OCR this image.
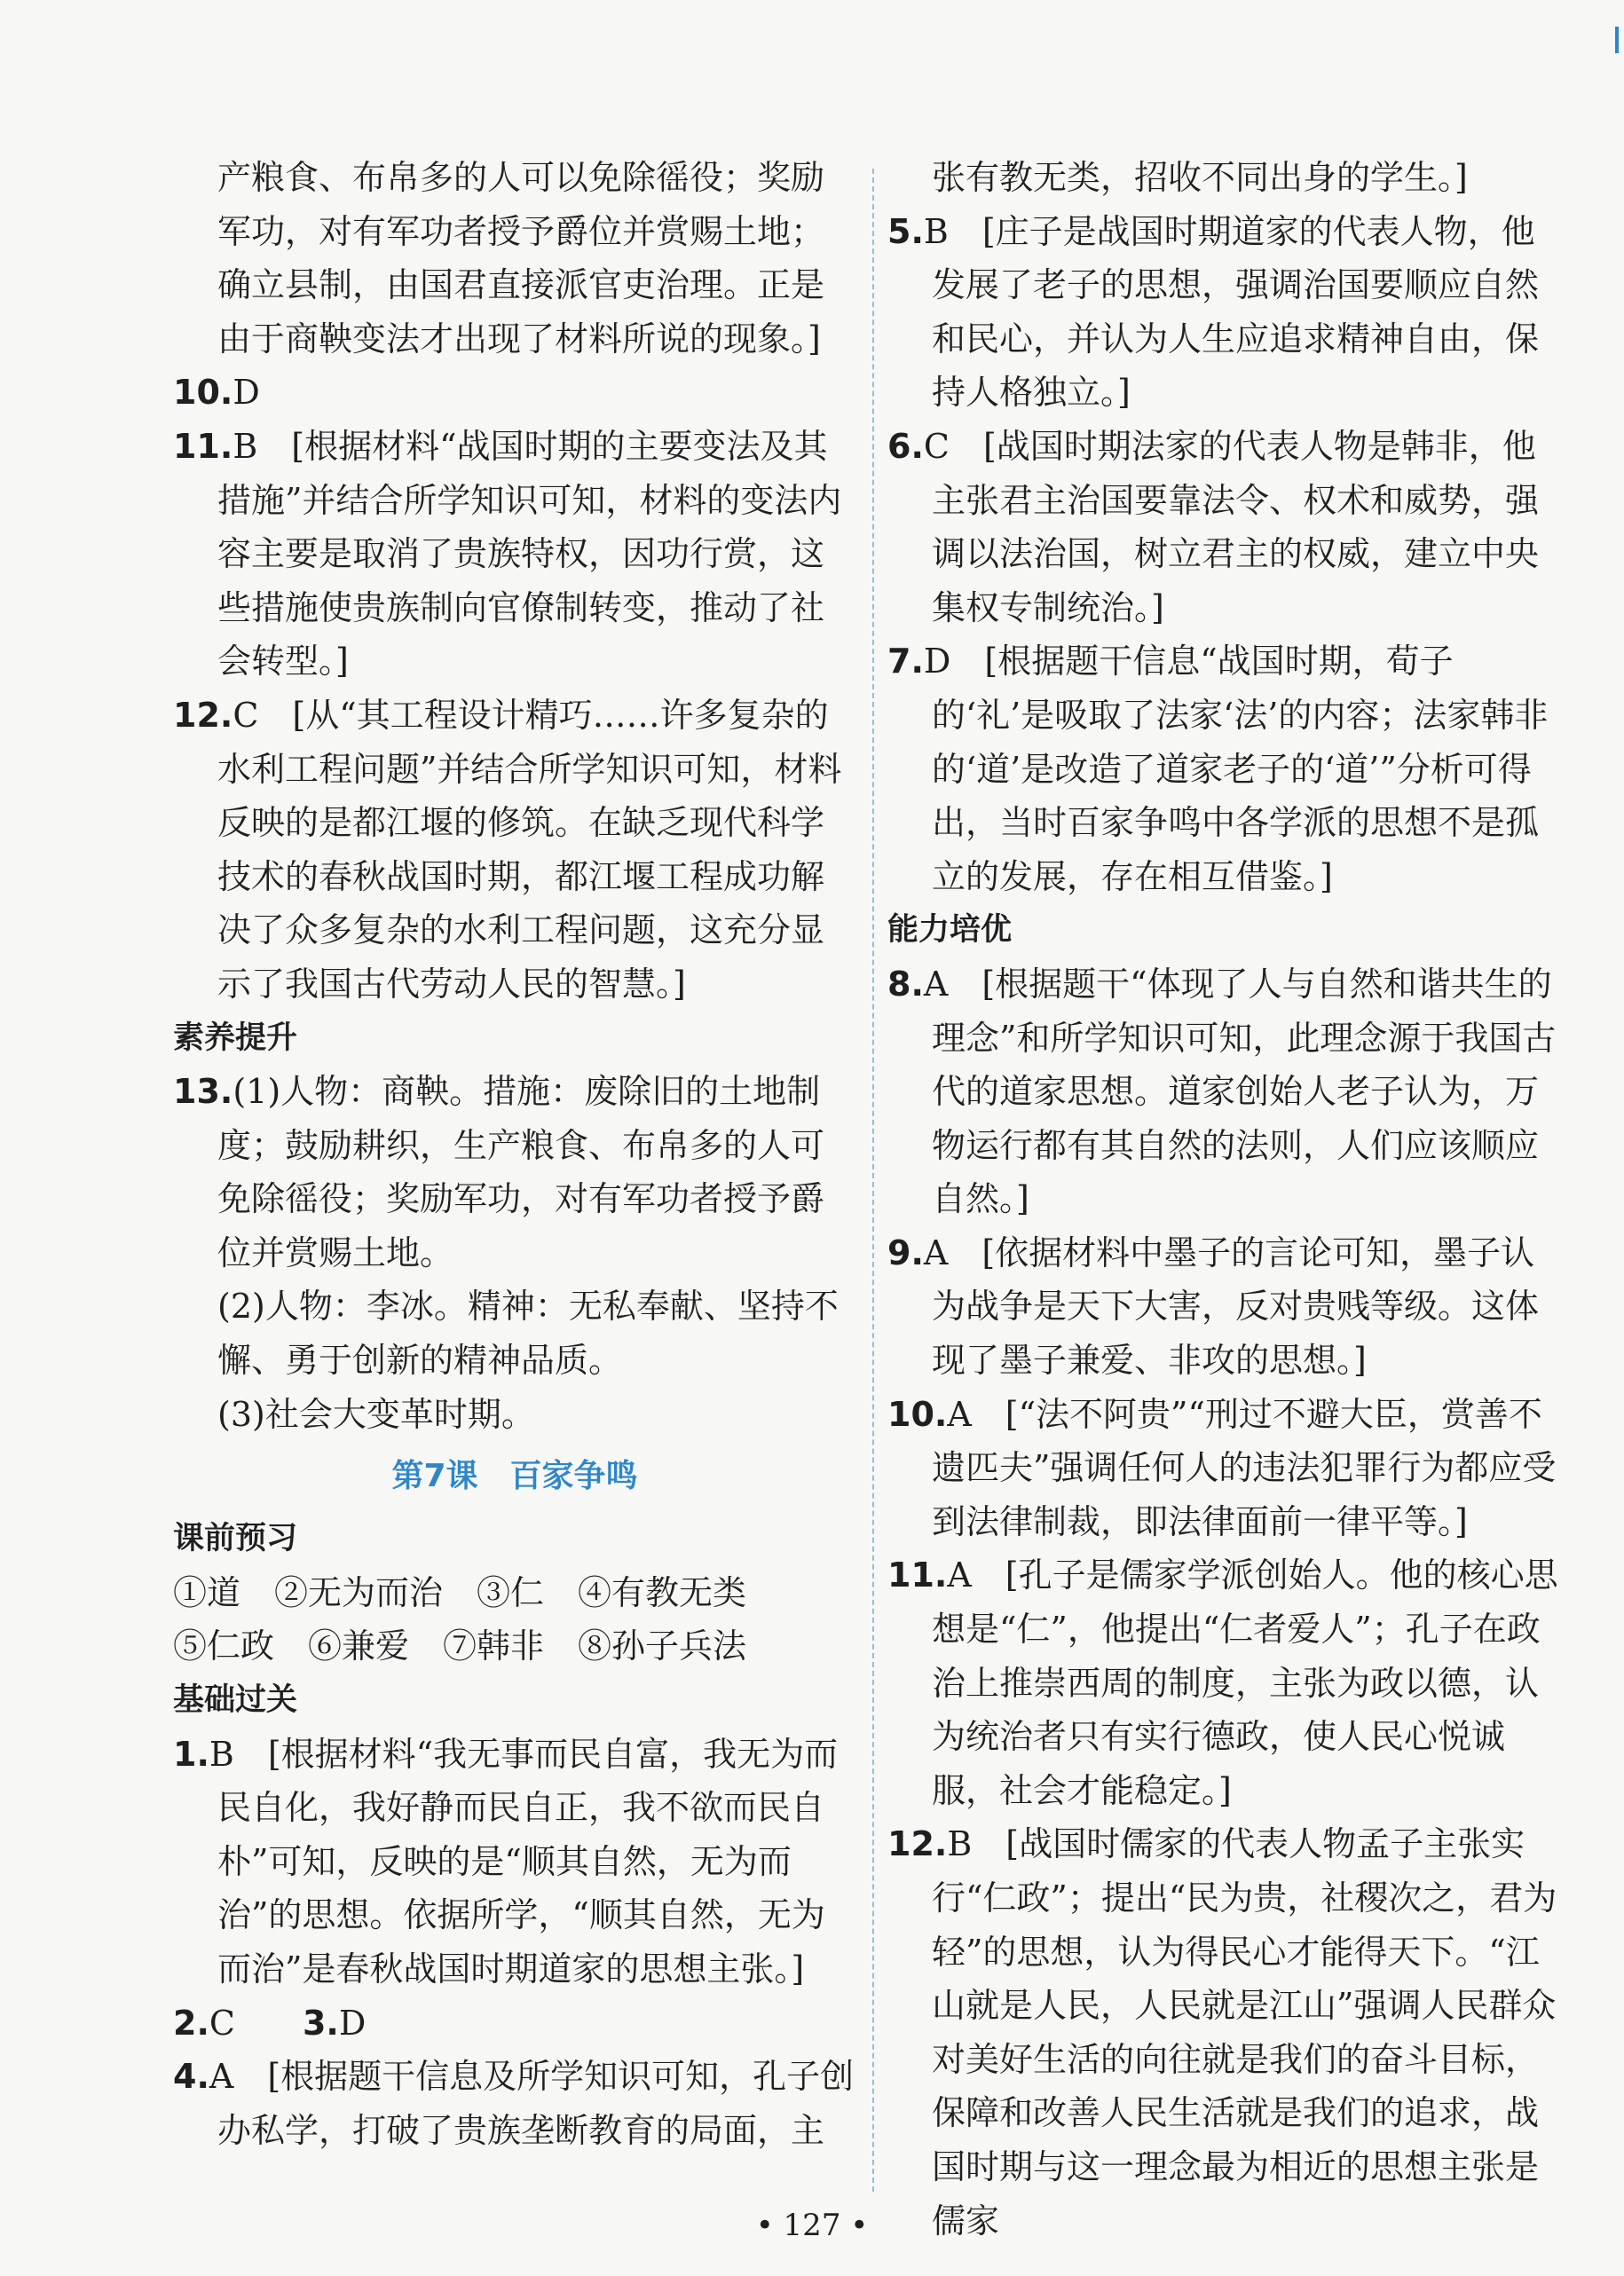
产粮食、布帛多的人可以免除徭役；奖励军功，对有军功者授予爵位并赏赐土地；确立县制，由国君直接派官吏治理。正是由于商鞅变法才出现了材料所说的现象。]

10.D

11.B　 [根据材料“战国时期的主要变法及其措施”并结合所学知识可知，材料的变法内容主要是取消了贵族特权，因功行赏，这些措施使贵族制向官僚制转变，推动了社会转型。]

12.C　 [从“其工程设计精巧……许多复杂的水利工程问题”并结合所学知识可知，材料反映的是都江堰的修筑。在缺乏现代科学技术的春秋战国时期，都江堰工程成功解决了众多复杂的水利工程问题，这充分显示了我国古代劳动人民的智慧。]

素养提升
13.(1)人物：商鞅。措施：废除旧的土地制度；鼓励耕织，生产粮食、布帛多的人可免除徭役；奖励军功，对有军功者授予爵位并赏赐土地。
(2)人物：李冰。精神：无私奉献、坚持不懈、勇于创新的精神品质。
(3)社会大变革时期。
第7课　百家争鸣
课前预习

①道　②无为而治　③仁　④有教无类

⑤仁政　⑥兼爱　⑦韩非　⑧孙子兵法

基础过关

1.B　 [根据材料“我无事而民自富，我无为而民自化，我好静而民自正，我不欲而民自朴”可知，反映的是“顺其自然，无为而治”的思想。依据所学，“顺其自然，无为而治”是春秋战国时期道家的思想主张。]

2.C　　 3.D

4.A　 [根据题干信息及所学知识可知，孔子创办私学，打破了贵族垄断教育的局面，主

张有教无类，招收不同出身的学生。]

5.B　 [庄子是战国时期道家的代表人物，他发展了老子的思想，强调治国要顺应自然和民心，并认为人生应追求精神自由，保持人格独立。]

6.C　 [战国时期法家的代表人物是韩非，他主张君主治国要靠法令、权术和威势，强调以法治国，树立君主的权威，建立中央集权专制统治。]

7.D　 [根据题干信息“战国时期，荀子的‘礼’是吸取了法家‘法’的内容；法家韩非的‘道’是改造了道家老子的‘道’”分析可得出，当时百家争鸣中各学派的思想不是孤立的发展，存在相互借鉴。]

能力培优

8.A　 [根据题干“体现了人与自然和谐共生的理念”和所学知识可知，此理念源于我国古代的道家思想。道家创始人老子认为，万物运行都有其自然的法则，人们应该顺应自然。]

9.A　 [依据材料中墨子的言论可知，墨子认为战争是天下大害，反对贵贱等级。这体现了墨子兼爱、非攻的思想。]

10.A　 [“法不阿贵”“刑过不避大臣，赏善不遗匹夫”强调任何人的违法犯罪行为都应受到法律制裁，即法律面前一律平等。]

11.A　 [孔子是儒家学派创始人。他的核心思想是“仁”，他提出“仁者爱人”；孔子在政治上推崇西周的制度，主张为政以德，认为统治者只有实行德政，使人民心悦诚服，社会才能稳定。]

12.B　 [战国时儒家的代表人物孟子主张实行“仁政”；提出“民为贵，社稷次之，君为轻”的思想，认为得民心才能得天下。“江山就是人民，人民就是江山”强调人民群众对美好生活的向往就是我们的奋斗目标，保障和改善人民生活就是我们的追求，战国时期与这一理念最为相近的思想主张是儒家

• 127 •
